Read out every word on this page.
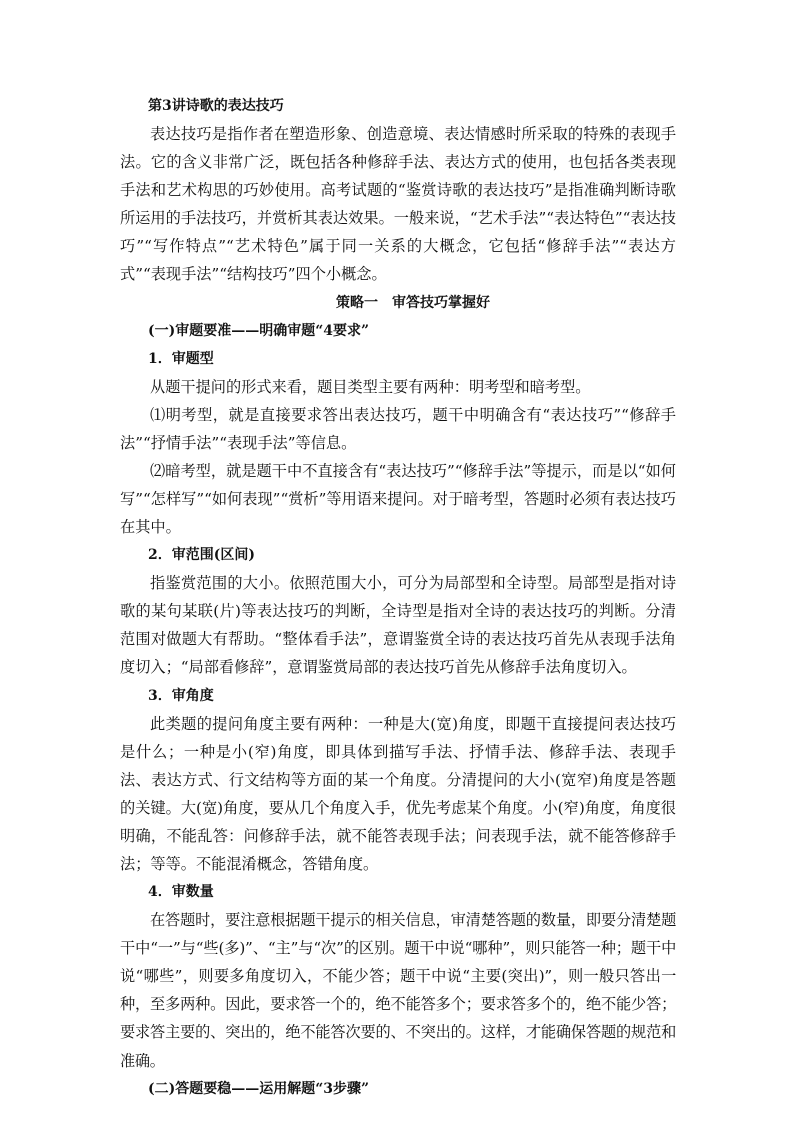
第3讲诗歌的表达技巧

表达技巧是指作者在塑造形象、创造意境、表达情感时所采取的特殊的表现手法。它的含义非常广泛，既包括各种修辞手法、表达方式的使用，也包括各类表现手法和艺术构思的巧妙使用。高考试题的“鉴赏诗歌的表达技巧”是指准确判断诗歌所运用的手法技巧，并赏析其表达效果。一般来说，“艺术手法”“表达特色”“表达技巧”“写作特点”“艺术特色”属于同一关系的大概念，它包括“修辞手法”“表达方式”“表现手法”“结构技巧”四个小概念。

策略一　审答技巧掌握好
(一)审题要准——明确审题“4要求”
1．审题型

从题干提问的形式来看，题目类型主要有两种：明考型和暗考型。

⑴明考型，就是直接要求答出表达技巧，题干中明确含有“表达技巧”“修辞手法”“抒情手法”“表现手法”等信息。

⑵暗考型，就是题干中不直接含有“表达技巧”“修辞手法”等提示，而是以“如何写”“怎样写”“如何表现”“赏析”等用语来提问。对于暗考型，答题时必须有表达技巧在其中。

2．审范围(区间)

指鉴赏范围的大小。依照范围大小，可分为局部型和全诗型。局部型是指对诗歌的某句某联(片)等表达技巧的判断，全诗型是指对全诗的表达技巧的判断。分清范围对做题大有帮助。“整体看手法”，意谓鉴赏全诗的表达技巧首先从表现手法角度切入；“局部看修辞”，意谓鉴赏局部的表达技巧首先从修辞手法角度切入。

3．审角度

此类题的提问角度主要有两种：一种是大(宽)角度，即题干直接提问表达技巧是什么；一种是小(窄)角度，即具体到描写手法、抒情手法、修辞手法、表现手法、表达方式、行文结构等方面的某一个角度。分清提问的大小(宽窄)角度是答题的关键。大(宽)角度，要从几个角度入手，优先考虑某个角度。小(窄)角度，角度很明确，不能乱答：问修辞手法，就不能答表现手法；问表现手法，就不能答修辞手法；等等。不能混淆概念，答错角度。

4．审数量

在答题时，要注意根据题干提示的相关信息，审清楚答题的数量，即要分清楚题干中“一”与“些(多)”、“主”与“次”的区别。题干中说“哪种”，则只能答一种；题干中说“哪些”，则要多角度切入，不能少答；题干中说“主要(突出)”，则一般只答出一种，至多两种。因此，要求答一个的，绝不能答多个；要求答多个的，绝不能少答；要求答主要的、突出的，绝不能答次要的、不突出的。这样，才能确保答题的规范和准确。

(二)答题要稳——运用解题“3步骤”
